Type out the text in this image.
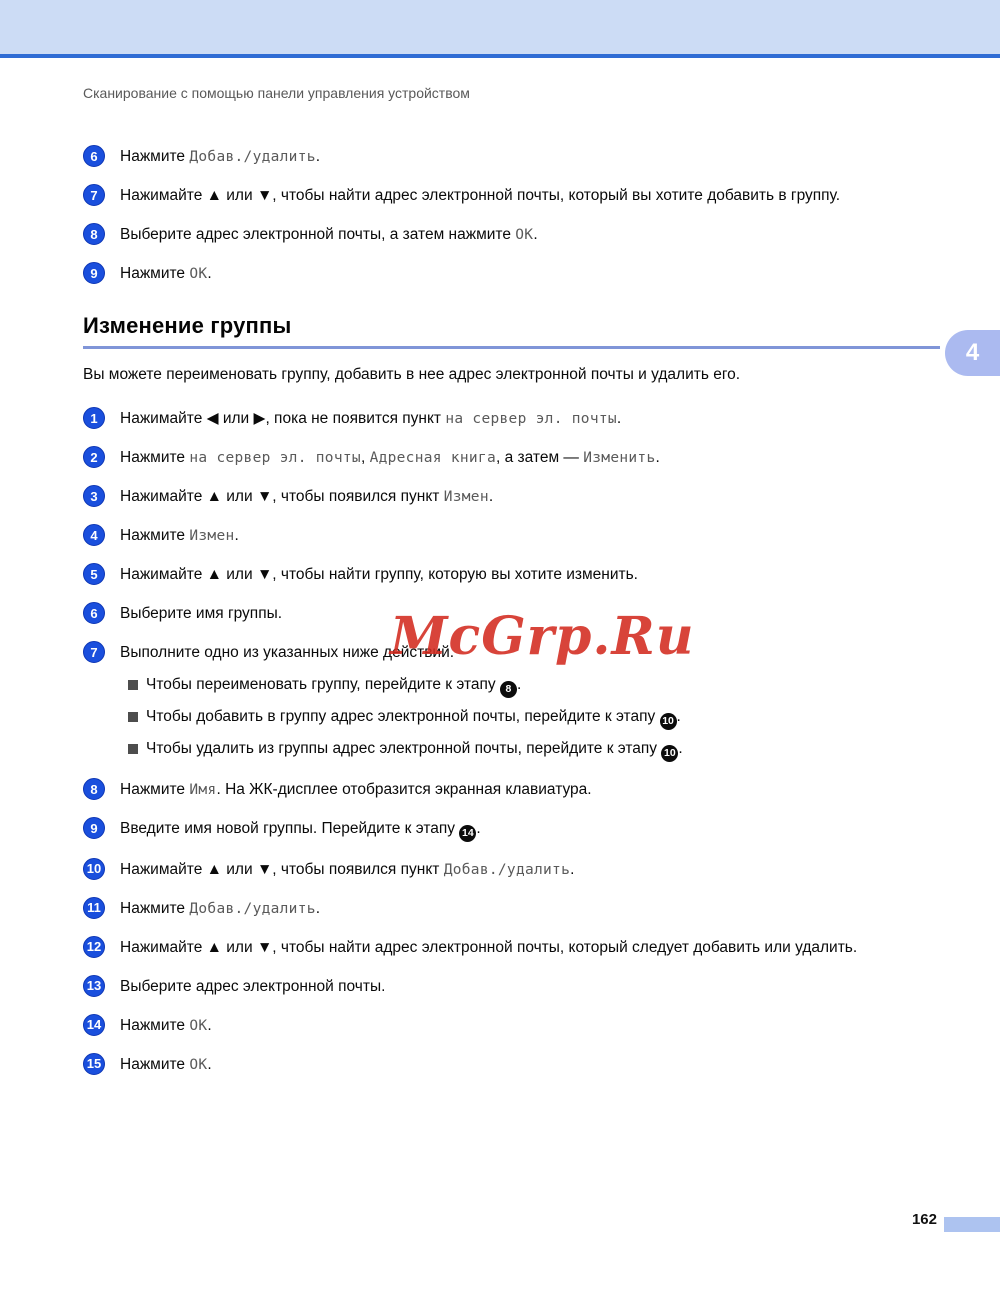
Сканирование с помощью панели управления устройством
6	Нажмите Добав./удалить.
7	Нажимайте ▲ или ▼, чтобы найти адрес электронной почты, который вы хотите добавить в группу.
8	Выберите адрес электронной почты, а затем нажмите OK.
9	Нажмите OK.
Изменение группы

Вы можете переименовать группу, добавить в нее адрес электронной почты и удалить его.

1	Нажимайте ◀ или ▶, пока не появится пункт на сервер эл. почты.
2	Нажмите на сервер эл. почты, Адресная книга, а затем — Изменить.
3	Нажимайте ▲ или ▼, чтобы появился пункт Измен.
4	Нажмите Измен.
5	Нажимайте ▲ или ▼, чтобы найти группу, которую вы хотите изменить.
6	Выберите имя группы.
7	Выполните одно из указанных ниже действий.
Чтобы переименовать группу, перейдите к этапу 8 .
Чтобы добавить в группу адрес электронной почты, перейдите к этапу 10 .
Чтобы удалить из группы адрес электронной почты, перейдите к этапу 10 .
8	Нажмите Имя. На ЖК-дисплее отобразится экранная клавиатура.
9	Введите имя новой группы. Перейдите к этапу 14 .
10 Нажимайте ▲ или ▼, чтобы появился пункт Добав./удалить.
11 Нажмите Добав./удалить.
12 Нажимайте ▲ или ▼, чтобы найти адрес электронной почты, который следует добавить или удалить.
13 Выберите адрес электронной почты.
14 Нажмите OK.
15 Нажмите OK.
4
McGrp.Ru
162
